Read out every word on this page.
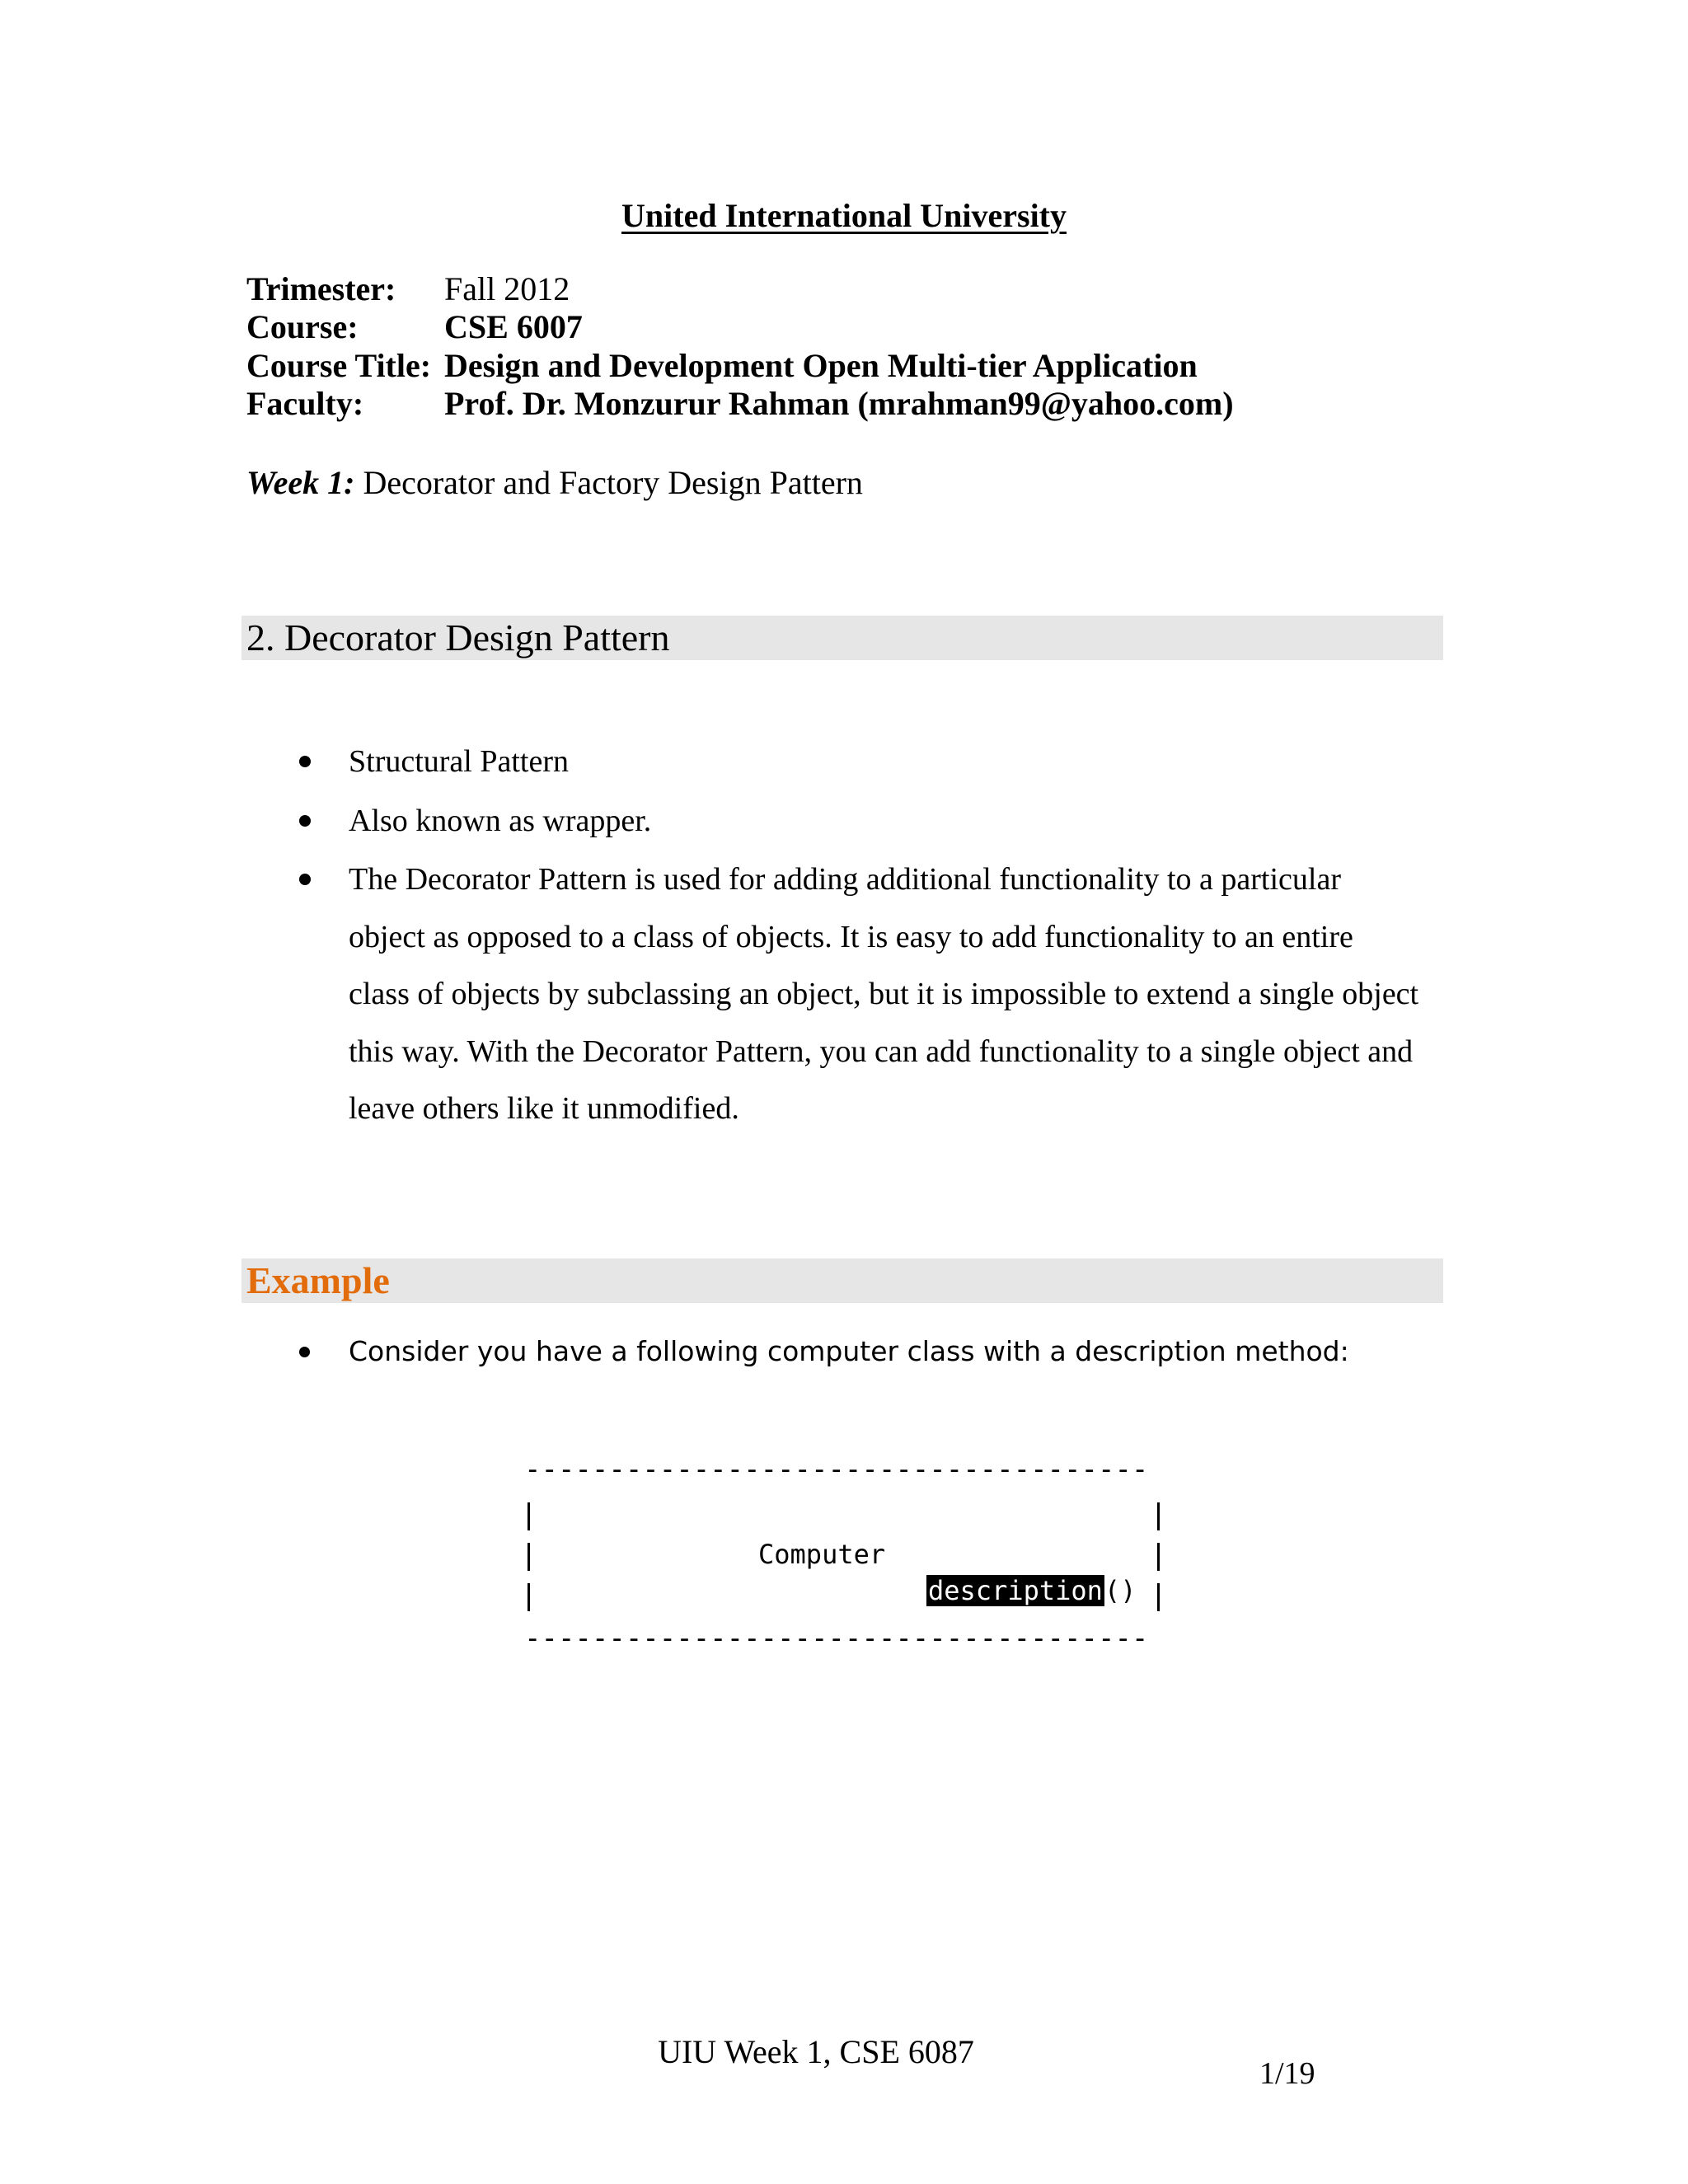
United International University
Trimester: Fall 2012
Course:	CSE 6007
Course Title: Design and Development Open Multi-tier Application
Faculty: Prof. Dr. Monzurur Rahman (mrahman99@yahoo.com)
Week 1: Decorator and Factory Design Pattern
2. Decorator Design Pattern
Structural Pattern
Also known as wrapper.
The Decorator Pattern is used for adding additional functionality to a particular object as opposed to a class of objects. It is easy to add functionality to an entire class of objects by subclassing an object, but it is impossible to extend a single object this way. With the Decorator Pattern, you can add functionality to a single object and leave others like it unmodified.
Example
Consider you have a following computer class with a description method:
-------------------------------------
Computer
description()
-------------------------------------
UIU Week 1, CSE 6087
1/19
